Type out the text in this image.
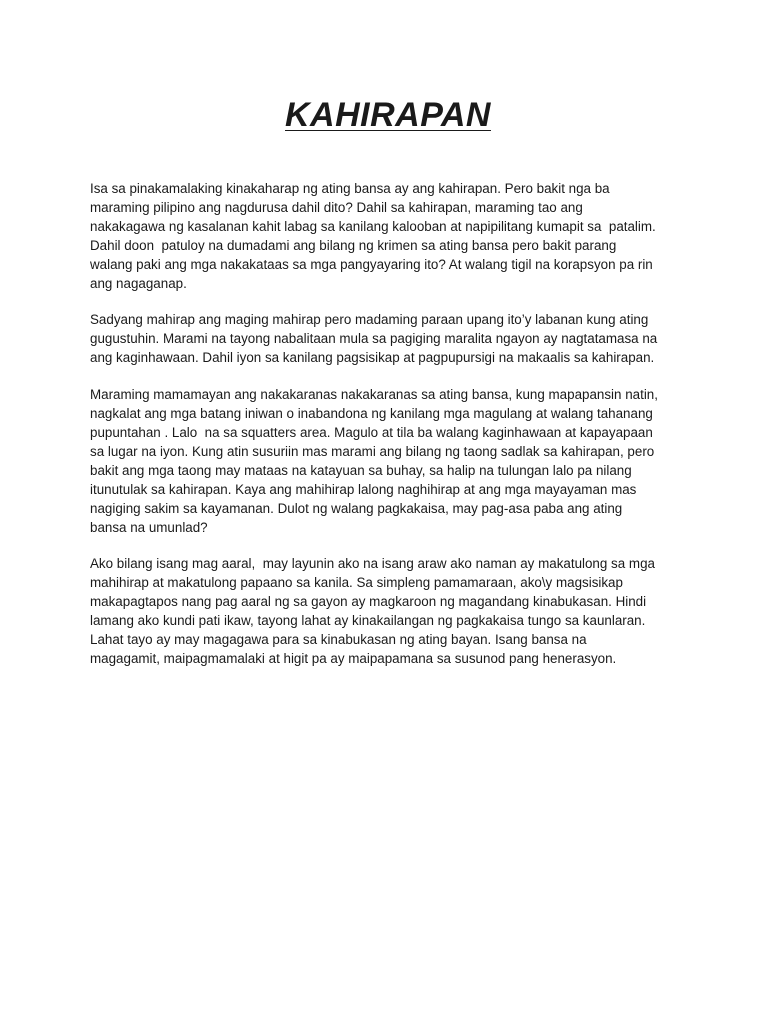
KAHIRAPAN

Isa sa pinakamalaking kinakaharap ng ating bansa ay ang kahirapan. Pero bakit nga ba
maraming pilipino ang nagdurusa dahil dito? Dahil sa kahirapan, maraming tao ang
nakakagawa ng kasalanan kahit labag sa kanilang kalooban at napipilitang kumapit sa  patalim.
Dahil doon  patuloy na dumadami ang bilang ng krimen sa ating bansa pero bakit parang
walang paki ang mga nakakataas sa mga pangyayaring ito? At walang tigil na korapsyon pa rin
ang nagaganap.

Sadyang mahirap ang maging mahirap pero madaming paraan upang ito’y labanan kung ating
gugustuhin. Marami na tayong nabalitaan mula sa pagiging maralita ngayon ay nagtatamasa na
ang kaginhawaan. Dahil iyon sa kanilang pagsisikap at pagpupursigi na makaalis sa kahirapan.

Maraming mamamayan ang nakakaranas nakakaranas sa ating bansa, kung mapapansin natin,
nagkalat ang mga batang iniwan o inabandona ng kanilang mga magulang at walang tahanang
pupuntahan . Lalo  na sa squatters area. Magulo at tila ba walang kaginhawaan at kapayapaan
sa lugar na iyon. Kung atin susuriin mas marami ang bilang ng taong sadlak sa kahirapan, pero
bakit ang mga taong may mataas na katayuan sa buhay, sa halip na tulungan lalo pa nilang
itunutulak sa kahirapan. Kaya ang mahihirap lalong naghihirap at ang mga mayayaman mas
nagiging sakim sa kayamanan. Dulot ng walang pagkakaisa, may pag-asa paba ang ating
bansa na umunlad?

Ako bilang isang mag aaral,  may layunin ako na isang araw ako naman ay makatulong sa mga
mahihirap at makatulong papaano sa kanila. Sa simpleng pamamaraan, ako\y magsisikap
makapagtapos nang pag aaral ng sa gayon ay magkaroon ng magandang kinabukasan. Hindi
lamang ako kundi pati ikaw, tayong lahat ay kinakailangan ng pagkakaisa tungo sa kaunlaran.
Lahat tayo ay may magagawa para sa kinabukasan ng ating bayan. Isang bansa na
magagamit, maipagmamalaki at higit pa ay maipapamana sa susunod pang henerasyon.
